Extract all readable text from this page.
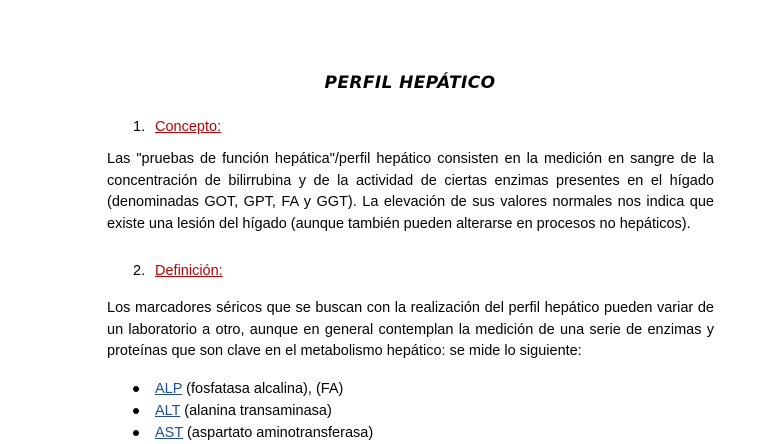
PERFIL HEPÁTICO
1. Concepto:

Las "pruebas de función hepática"/perfil hepático consisten en la medición en sangre de la concentración de bilirrubina y de la actividad de ciertas enzimas presentes en el hígado (denominadas GOT, GPT, FA y GGT). La elevación de sus valores normales nos indica que existe una lesión del hígado (aunque también pueden alterarse en procesos no hepáticos).

2. Definición:

Los marcadores séricos que se buscan con la realización del perfil hepático pueden variar de un laboratorio a otro, aunque en general contemplan la medición de una serie de enzimas y proteínas que son clave en el metabolismo hepático: se mide lo siguiente:

ALP (fosfatasa alcalina), (FA)
ALT (alanina transaminasa)
AST (aspartato aminotransferasa)
